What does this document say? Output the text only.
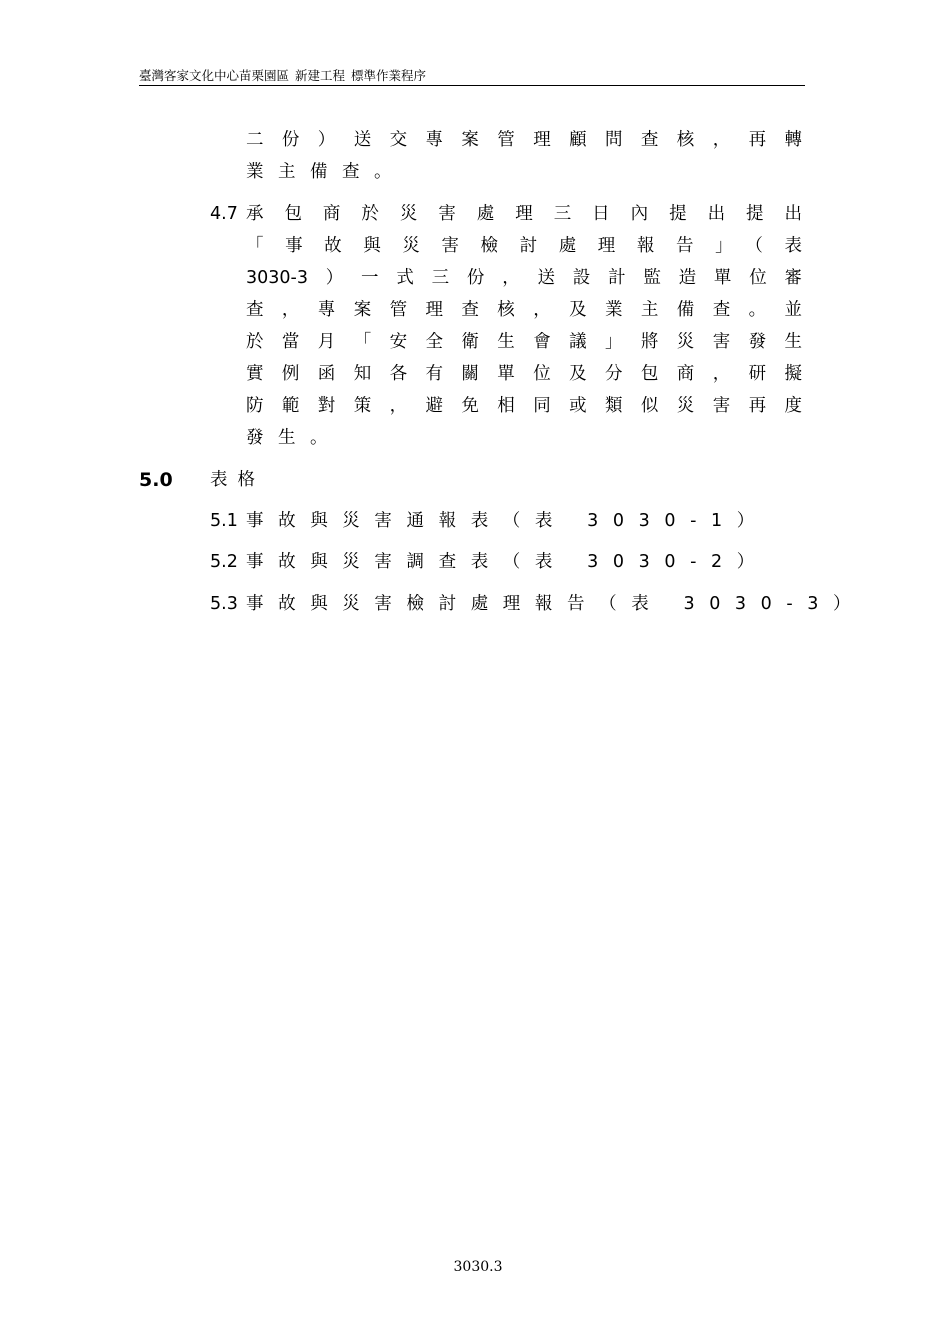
臺灣客家文化中心苗栗園區 新建工程 標準作業程序
二份）送交專案管理顧問查核，再轉
業主備查。
4.7 承包商於災害處理三日內提出提出
「事故與災害檢討處理報告」（表
3030-3）一式三份，送設計監造單位審
查，專案管理查核，及業主備查。並
於當月「安全衛生會議」將災害發生
實例函知各有關單位及分包商，研擬
防範對策，避免相同或類似災害再度
發生。
5.0 表格
5.1 事故與災害通報表（表 3030-1）
5.2 事故與災害調查表（表 3030-2）
5.3 事故與災害檢討處理報告（表 3030-3）
3030.3
